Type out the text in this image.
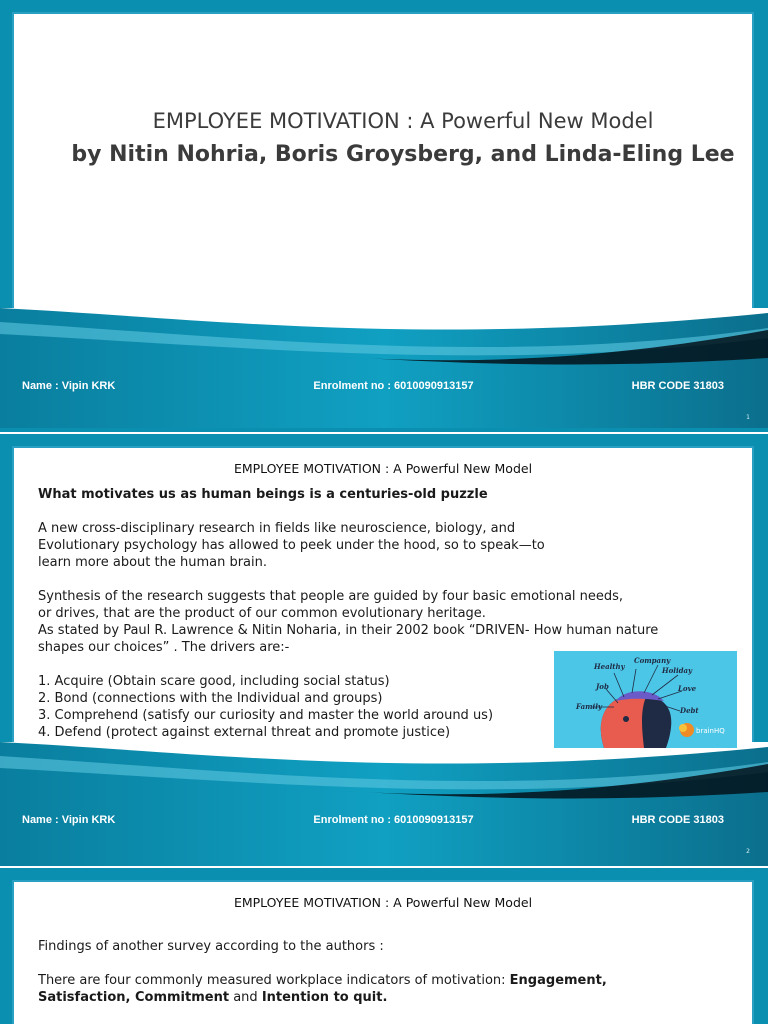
EMPLOYEE MOTIVATION : A Powerful New Model
by Nitin Nohria, Boris Groysberg, and Linda-Eling Lee
Name : Vipin KRK	Enrolment no : 6010090913157	HBR CODE 31803
1
EMPLOYEE MOTIVATION : A Powerful New Model

What motivates us as human beings is a centuries-old puzzle

A new cross-disciplinary research in fields like neuroscience, biology, and Evolutionary psychology has allowed to peek under the hood, so to speak—to learn more about the human brain.

Synthesis of the research suggests that people are guided by four basic emotional needs, or drives, that are the product of our common evolutionary heritage.

As stated by Paul R. Lawrence & Nitin Noharia, in their 2002 book “DRIVEN- How human nature shapes our choices” . The drivers are:-

1. Acquire (Obtain scare good, including social status)
2. Bond (connections with the Individual and groups)
3. Comprehend (satisfy our curiosity and master the world around us)
4. Defend (protect against external threat and promote justice)
Healthy
Company
Holiday
Job	Love
Family	Debt
brainHQ
Name : Vipin KRK	Enrolment no : 6010090913157	HBR CODE 31803
2
EMPLOYEE MOTIVATION : A Powerful New Model

Findings of another survey according to the authors :

There are four commonly measured workplace indicators of motivation: Engagement, Satisfaction, Commitment and Intention to quit.
